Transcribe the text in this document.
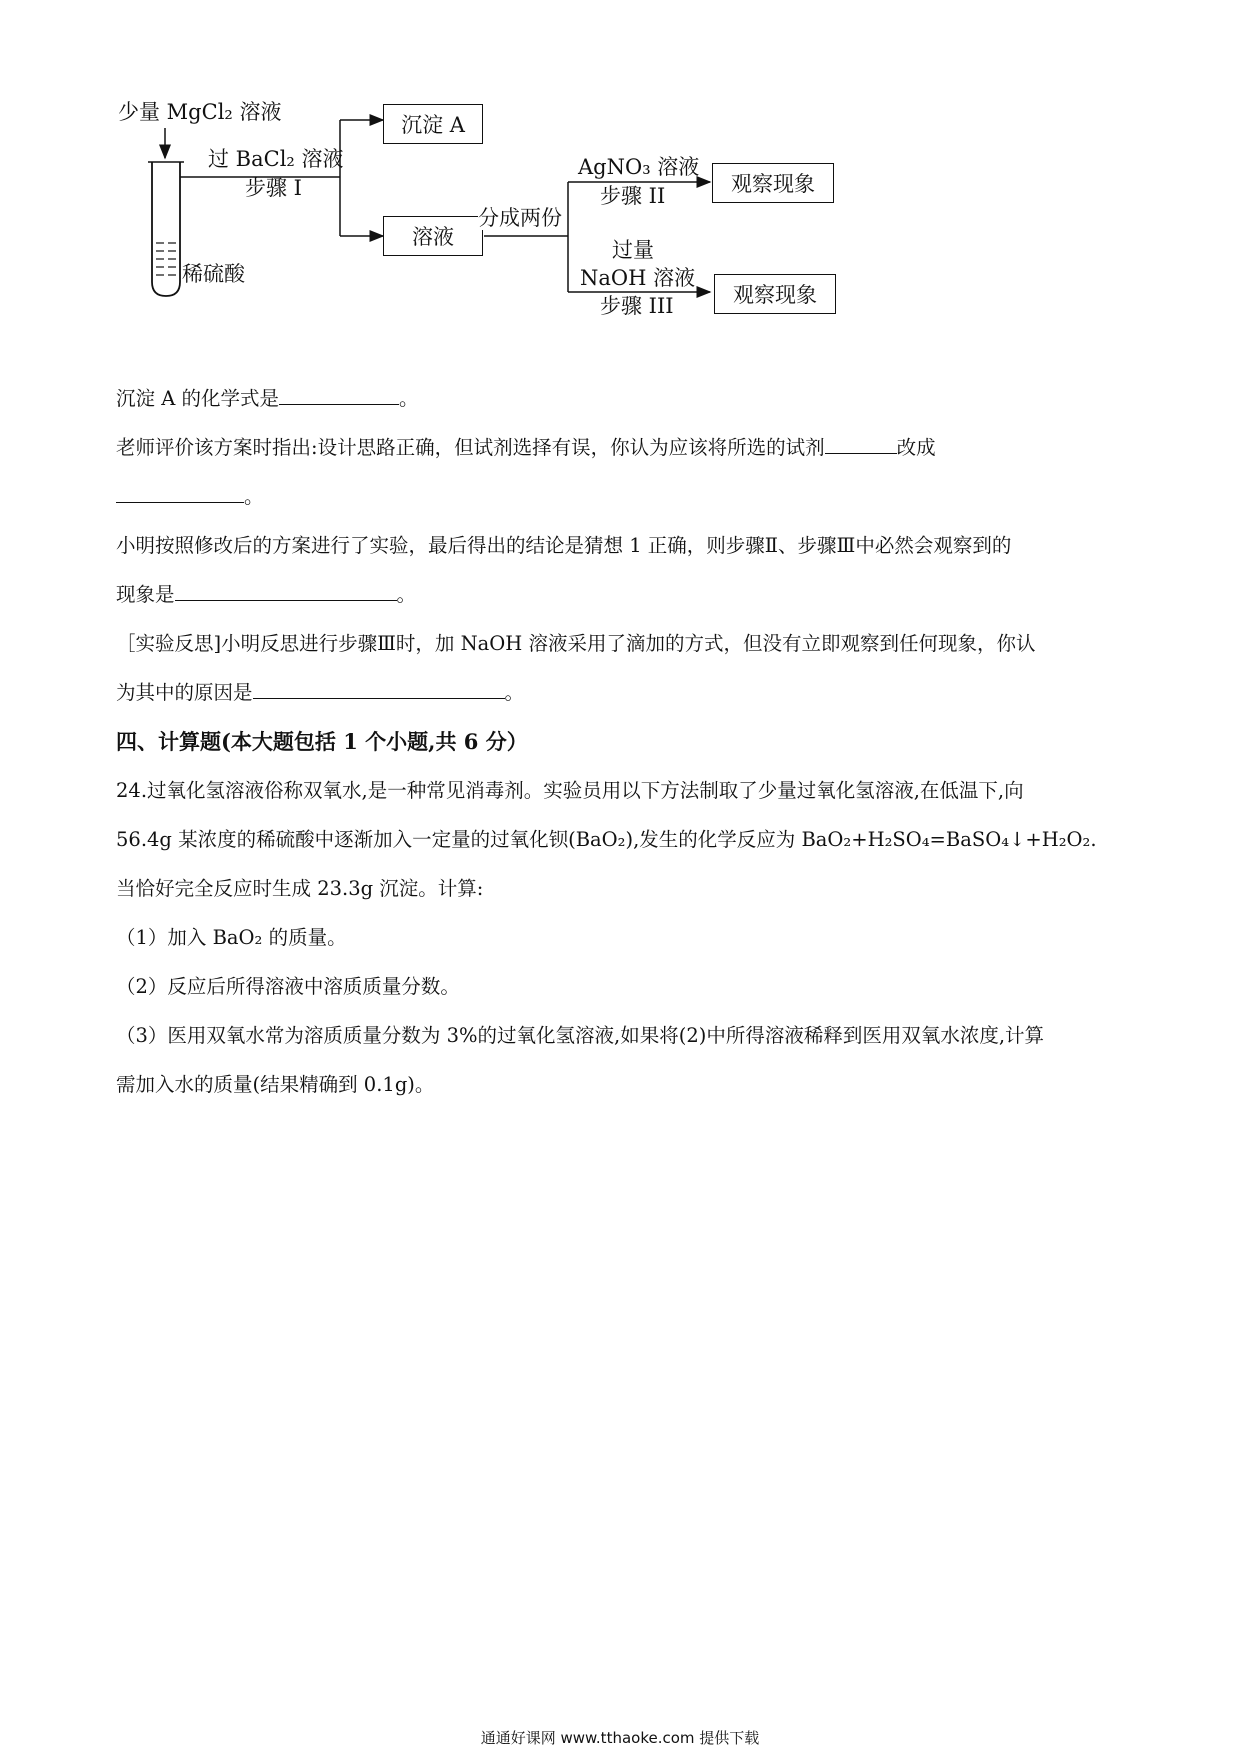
少量 MgCl₂ 溶液
过 BaCl₂ 溶液
步骤 I
稀硫酸
沉淀 A
溶液
分成两份
AgNO₃ 溶液
步骤 II	观察现象
过量
NaOH 溶液
步骤 III	观察现象
沉淀 A 的化学式是	。
老师评价该方案时指出:设计思路正确，但试剂选择有误，你认为应该将所选的试剂	改成
。
小明按照修改后的方案进行了实验，最后得出的结论是猜想 1 正确，则步骤Ⅱ、步骤Ⅲ中必然会观察到的
现象是	。
［实验反思]小明反思进行步骤Ⅲ时，加 NaOH 溶液采用了滴加的方式，但没有立即观察到任何现象，你认
为其中的原因是	。
四、计算题(本大题包括 1 个小题,共 6 分）
24.过氧化氢溶液俗称双氧水,是一种常见消毒剂。实验员用以下方法制取了少量过氧化氢溶液,在低温下,向
56.4g 某浓度的稀硫酸中逐渐加入一定量的过氧化钡(BaO₂),发生的化学反应为 BaO₂+H₂SO₄=BaSO₄↓+H₂O₂.
当恰好完全反应时生成 23.3g 沉淀。计算:
（1）加入 BaO₂ 的质量。
（2）反应后所得溶液中溶质质量分数。
（3）医用双氧水常为溶质质量分数为 3%的过氧化氢溶液,如果将(2)中所得溶液稀释到医用双氧水浓度,计算
需加入水的质量(结果精确到 0.1g)。
通通好课网 www.tthaoke.com 提供下载
